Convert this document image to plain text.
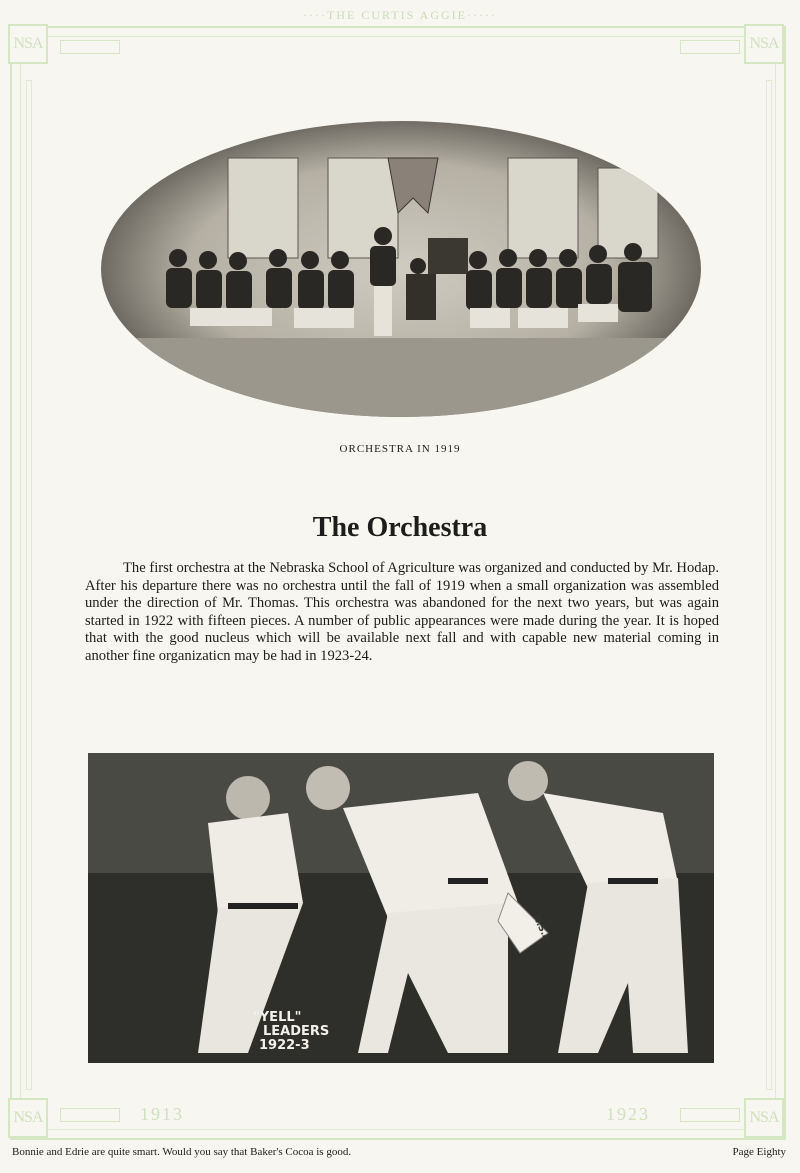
····THE CURTIS AGGIE·····
NSA	NSA
NSA	NSA
1913	1923
ORCHESTRA IN 1919
The Orchestra

The first orchestra at the Nebraska School of Agriculture was organized and conducted by Mr. Hodap. After his departure there was no orchestra until the fall of 1919 when a small organization was assembled under the direction of Mr. Thomas. This orchestra was abandoned for the next two years, but was again started in 1922 with fifteen pieces. A number of public appearances were made during the year. It is hoped that with the good nucleus which will be available next fall and with capable new material coming in another fine organizaticn may be had in 1923-24.

"YELL"
LEADERS
1922-3
N.S.A.
Bonnie and Edrie are quite smart. Would you say that Baker's Cocoa is good.	Page Eighty
